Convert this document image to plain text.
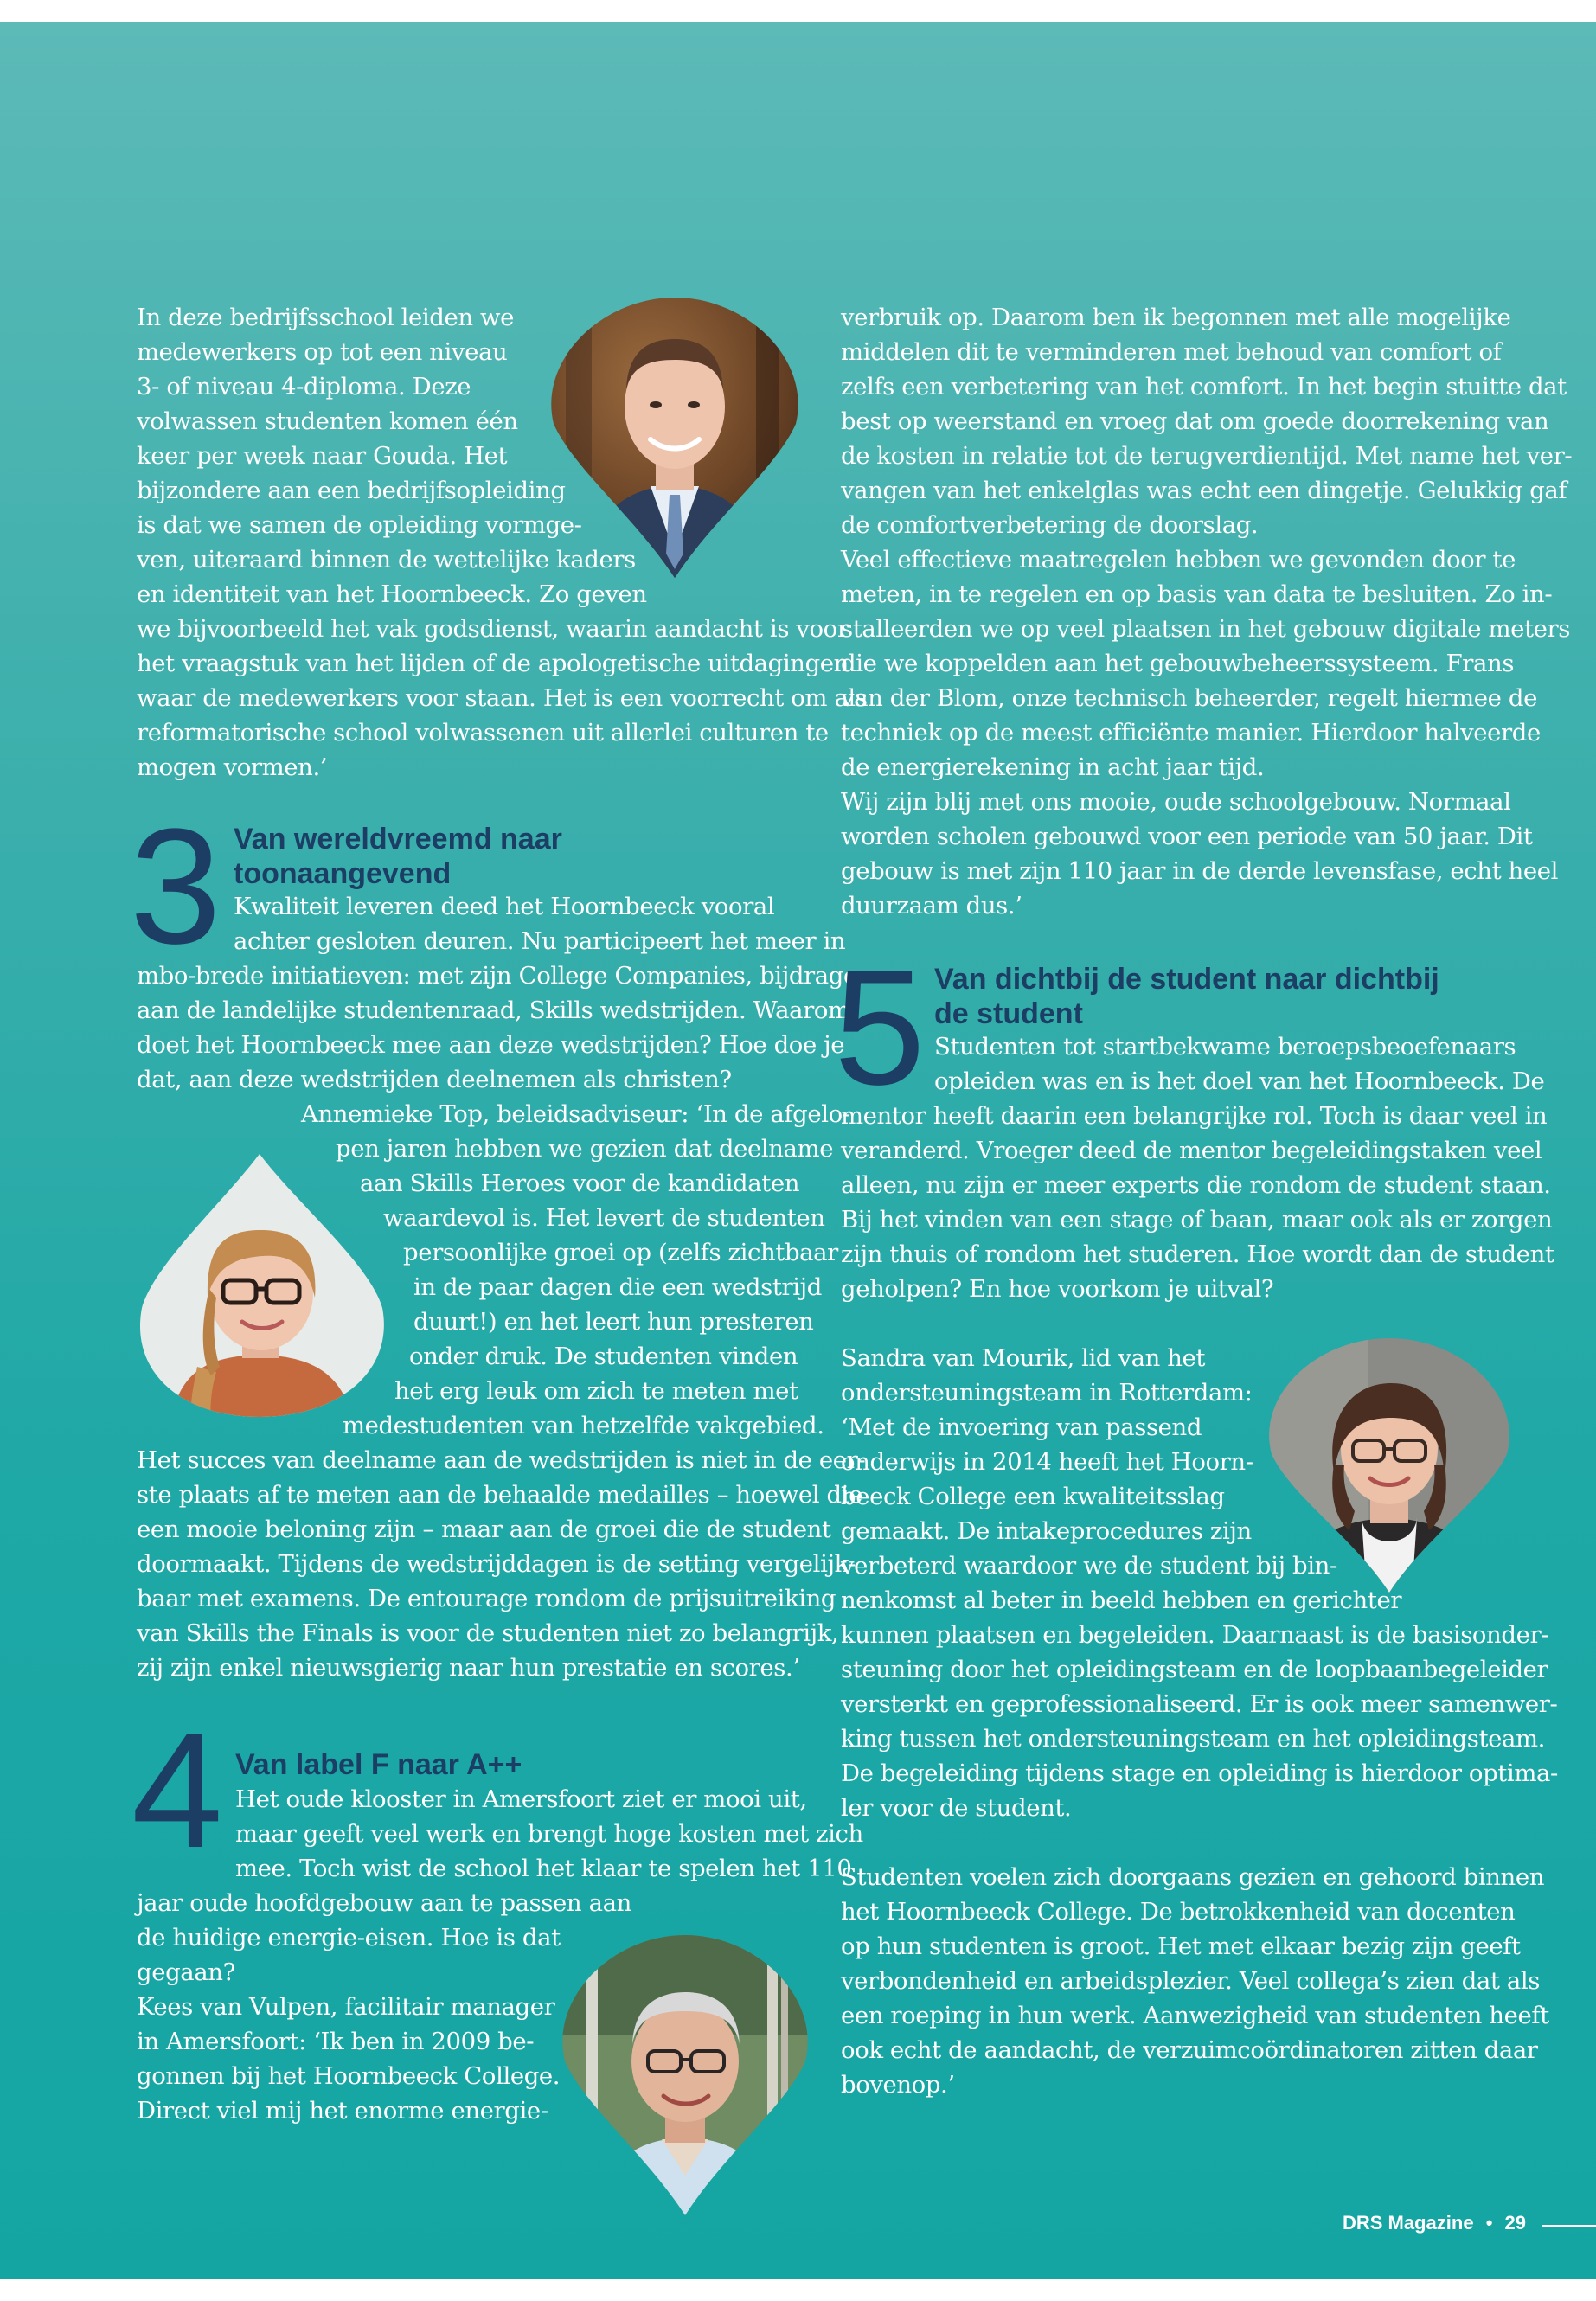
In deze bedrijfsschool leiden we
medewerkers op tot een niveau
3- of niveau 4-diploma. Deze
volwassen studenten komen één
keer per week naar Gouda. Het
bijzondere aan een bedrijfsopleiding
is dat we samen de opleiding vormge-
ven, uiteraard binnen de wettelijke kaders
en identiteit van het Hoornbeeck. Zo geven
we bijvoorbeeld het vak godsdienst, waarin aandacht is voor
het vraagstuk van het lijden of de apologetische uitdagingen
waar de medewerkers voor staan. Het is een voorrecht om als
reformatorische school volwassenen uit allerlei culturen te
mogen vormen.’
3 Van wereldvreemd naar
toonaangevend
Kwaliteit leveren deed het Hoornbeeck vooral
achter gesloten deuren. Nu participeert het meer in
mbo-brede initiatieven: met zijn College Companies, bijdrage
aan de landelijke studentenraad, Skills wedstrijden. Waarom
doet het Hoornbeeck mee aan deze wedstrijden? Hoe doe je
dat, aan deze wedstrijden deelnemen als christen?
Annemieke Top, beleidsadviseur: ‘In de afgelo-
pen jaren hebben we gezien dat deelname
aan Skills Heroes voor de kandidaten
waardevol is. Het levert de studenten
persoonlijke groei op (zelfs zichtbaar
in de paar dagen die een wedstrijd
duurt!) en het leert hun presteren
onder druk. De studenten vinden
het erg leuk om zich te meten met
medestudenten van hetzelfde vakgebied.
Het succes van deelname aan de wedstrijden is niet in de eer-
ste plaats af te meten aan de behaalde medailles – hoewel die
een mooie beloning zijn – maar aan de groei die de student
doormaakt. Tijdens de wedstrijddagen is de setting vergelijk-
baar met examens. De entourage rondom de prijsuitreiking
van Skills the Finals is voor de studenten niet zo belangrijk,
zij zijn enkel nieuwsgierig naar hun prestatie en scores.’
4 Van label F naar A++
Het oude klooster in Amersfoort ziet er mooi uit,
maar geeft veel werk en brengt hoge kosten met zich
mee. Toch wist de school het klaar te spelen het 110
jaar oude hoofdgebouw aan te passen aan
de huidige energie-eisen. Hoe is dat
gegaan?
Kees van Vulpen, facilitair manager
in Amersfoort: ‘Ik ben in 2009 be-
gonnen bij het Hoornbeeck College.
Direct viel mij het enorme energie-
verbruik op. Daarom ben ik begonnen met alle mogelijke
middelen dit te verminderen met behoud van comfort of
zelfs een verbetering van het comfort. In het begin stuitte dat
best op weerstand en vroeg dat om goede doorrekening van
de kosten in relatie tot de terugverdientijd. Met name het ver-
vangen van het enkelglas was echt een dingetje. Gelukkig gaf
de comfortverbetering de doorslag.
Veel effectieve maatregelen hebben we gevonden door te
meten, in te regelen en op basis van data te besluiten. Zo in-
stalleerden we op veel plaatsen in het gebouw digitale meters
die we koppelden aan het gebouwbeheerssysteem. Frans
van der Blom, onze technisch beheerder, regelt hiermee de
techniek op de meest efficiënte manier. Hierdoor halveerde
de energierekening in acht jaar tijd.
Wij zijn blij met ons mooie, oude schoolgebouw. Normaal
worden scholen gebouwd voor een periode van 50 jaar. Dit
gebouw is met zijn 110 jaar in de derde levensfase, echt heel
duurzaam dus.’
5 Van dichtbij de student naar dichtbij
de student
Studenten tot startbekwame beroepsbeoefenaars
opleiden was en is het doel van het Hoornbeeck. De
mentor heeft daarin een belangrijke rol. Toch is daar veel in
veranderd. Vroeger deed de mentor begeleidingstaken veel
alleen, nu zijn er meer experts die rondom de student staan.
Bij het vinden van een stage of baan, maar ook als er zorgen
zijn thuis of rondom het studeren. Hoe wordt dan de student
geholpen? En hoe voorkom je uitval?
Sandra van Mourik, lid van het
ondersteuningsteam in Rotterdam:
‘Met de invoering van passend
onderwijs in 2014 heeft het Hoorn-
beeck College een kwaliteitsslag
gemaakt. De intakeprocedures zijn
verbeterd waardoor we de student bij bin-
nenkomst al beter in beeld hebben en gerichter
kunnen plaatsen en begeleiden. Daarnaast is de basisonder-
steuning door het opleidingsteam en de loopbaanbegeleider
versterkt en geprofessionaliseerd. Er is ook meer samenwer-
king tussen het ondersteuningsteam en het opleidingsteam.
De begeleiding tijdens stage en opleiding is hierdoor optima-
ler voor de student.
Studenten voelen zich doorgaans gezien en gehoord binnen
het Hoornbeeck College. De betrokkenheid van docenten
op hun studenten is groot. Het met elkaar bezig zijn geeft
verbondenheid en arbeidsplezier. Veel collega’s zien dat als
een roeping in hun werk. Aanwezigheid van studenten heeft
ook echt de aandacht, de verzuimcoördinatoren zitten daar
bovenop.’
DRS Magazine • 29
